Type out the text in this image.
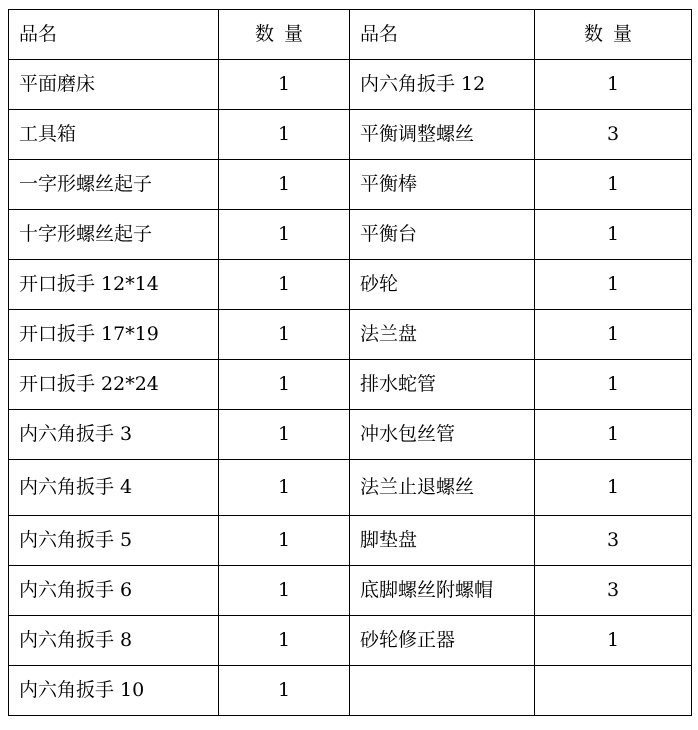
品名	数量	品名	数量
平面磨床	1	内六角扳手 12	1
工具箱	1	平衡调整螺丝	3
一字形螺丝起子	1	平衡棒	1
十字形螺丝起子	1	平衡台	1
开口扳手 12*14	1	砂轮	1
开口扳手 17*19	1	法兰盘	1
开口扳手 22*24	1	排水蛇管	1
内六角扳手 3	1	冲水包丝管	1
内六角扳手 4	1	法兰止退螺丝	1
内六角扳手 5	1	脚垫盘	3
内六角扳手 6	1	底脚螺丝附螺帽	3
内六角扳手 8	1	砂轮修正器	1
内六角扳手 10	1		
